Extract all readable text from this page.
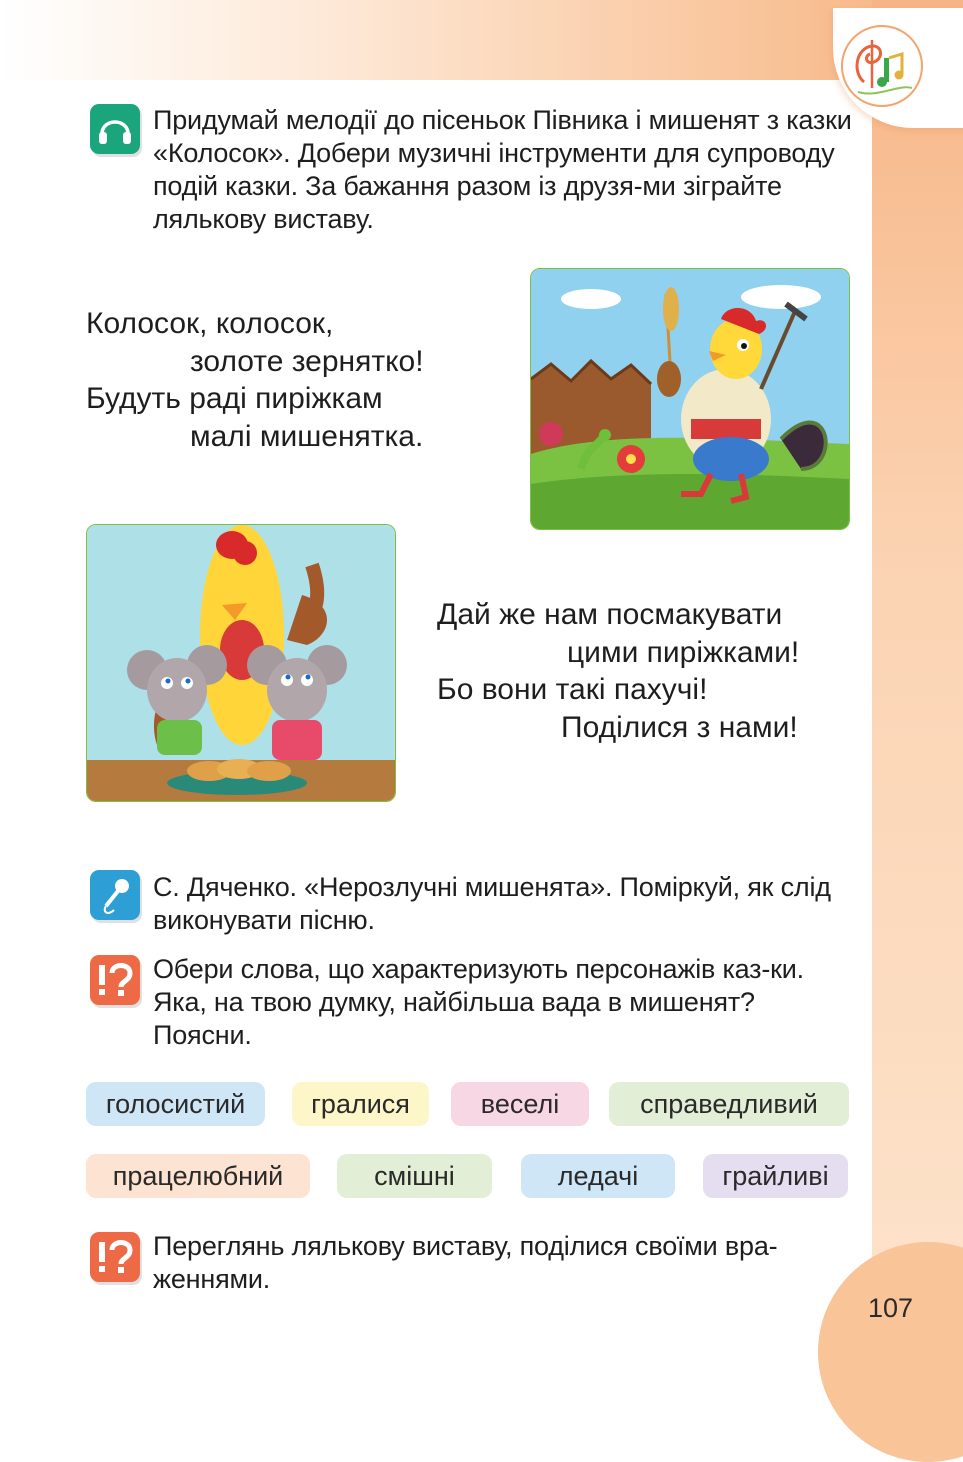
Придумай мелодії до пісеньок Півника і мишенят з казки «Колосок». Добери музичні інструменти для супроводу подій казки. За бажання разом із друзя-ми зіграйте лялькову виставу.

Колосок, колосок,
золоте зернятко!
Будуть раді пиріжкам
малі мишенятка.
Дай же нам посмакувати
цими пиріжками!
Бо вони такі пахучі!
Поділися з нами!

С. Дяченко. «Нерозлучні мишенята». Поміркуй, як слід виконувати пісню.

Обери слова, що характеризують персонажів каз-ки. Яка, на твою думку, найбільша вада в мишенят? Поясни.

голосистий	гралися	веселі	справедливий
працелюбний	смішні	ледачі	грайливі

Переглянь лялькову виставу, поділися своїми вра-женнями.

107
